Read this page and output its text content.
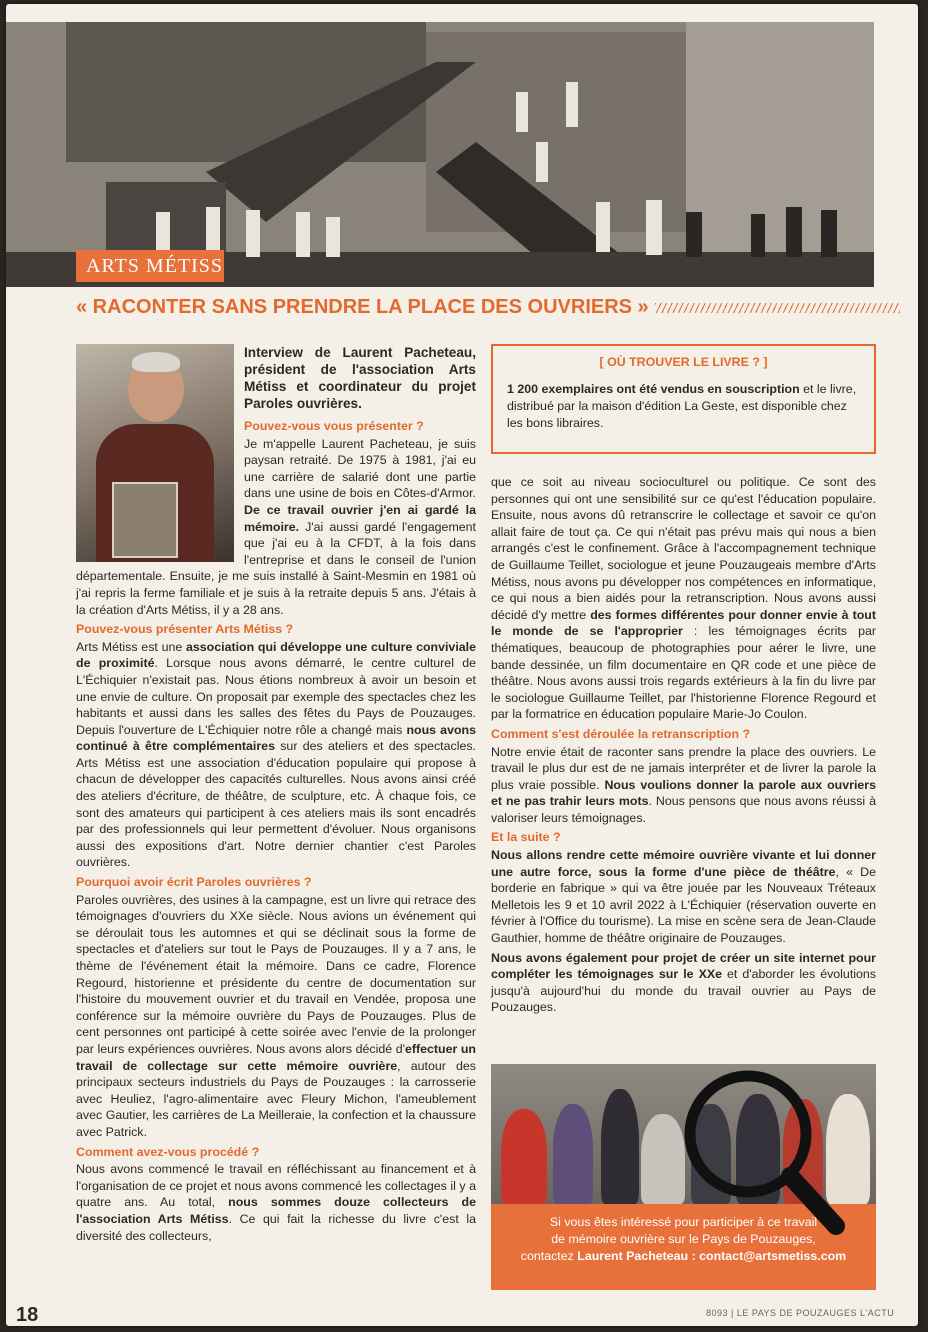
ARTS MÉTISS
« RACONTER SANS PRENDRE LA PLACE DES OUVRIERS »

Interview de Laurent Pacheteau, président de l'association Arts Métiss et coordinateur du projet Paroles ouvrières.

Pouvez-vous vous présenter ?

Je m'appelle Laurent Pacheteau, je suis paysan retraité. De 1975 à 1981, j'ai eu une carrière de salarié dont une partie dans une usine de bois en Côtes-d'Armor. De ce travail ouvrier j'en ai gardé la mémoire. J'ai aussi gardé l'engagement que j'ai eu à la CFDT, à la fois dans l'entreprise et dans le conseil de l'union départementale. Ensuite, je me suis installé à Saint-Mesmin en 1981 où j'ai repris la ferme familiale et je suis à la retraite depuis 5 ans. J'étais à la création d'Arts Métiss, il y a 28 ans.

Pouvez-vous présenter Arts Métiss ?

Arts Métiss est une association qui développe une culture conviviale de proximité. Lorsque nous avons démarré, le centre culturel de L'Échiquier n'existait pas. Nous étions nombreux à avoir un besoin et une envie de culture. On proposait par exemple des spectacles chez les habitants et aussi dans les salles des fêtes du Pays de Pouzauges. Depuis l'ouverture de L'Échiquier notre rôle a changé mais nous avons continué à être complémentaires sur des ateliers et des spectacles. Arts Métiss est une association d'éducation populaire qui propose à chacun de développer des capacités culturelles. Nous avons ainsi créé des ateliers d'écriture, de théâtre, de sculpture, etc. À chaque fois, ce sont des amateurs qui participent à ces ateliers mais ils sont encadrés par des professionnels qui leur permettent d'évoluer. Nous organisons aussi des expositions d'art. Notre dernier chantier c'est Paroles ouvrières.

Pourquoi avoir écrit Paroles ouvrières ?

Paroles ouvrières, des usines à la campagne, est un livre qui retrace des témoignages d'ouvriers du XXe siècle. Nous avions un événement qui se déroulait tous les automnes et qui se déclinait sous la forme de spectacles et d'ateliers sur tout le Pays de Pouzauges. Il y a 7 ans, le thème de l'événement était la mémoire. Dans ce cadre, Florence Regourd, historienne et présidente du centre de documentation sur l'histoire du mouvement ouvrier et du travail en Vendée, proposa une conférence sur la mémoire ouvrière du Pays de Pouzauges. Plus de cent personnes ont participé à cette soirée avec l'envie de la prolonger par leurs expériences ouvrières. Nous avons alors décidé d'effectuer un travail de collectage sur cette mémoire ouvrière, autour des principaux secteurs industriels du Pays de Pouzauges : la carrosserie avec Heuliez, l'agro-alimentaire avec Fleury Michon, l'ameublement avec Gautier, les carrières de La Meilleraie, la confection et la chaussure avec Patrick.

Comment avez-vous procédé ?

Nous avons commencé le travail en réfléchissant au financement et à l'organisation de ce projet et nous avons commencé les collectages il y a quatre ans. Au total, nous sommes douze collecteurs de l'association Arts Métiss. Ce qui fait la richesse du livre c'est la diversité des collecteurs,

[ OÙ TROUVER LE LIVRE ? ]
1 200 exemplaires ont été vendus en souscription et le livre, distribué par la maison d'édition La Geste, est disponible chez les bons libraires.

que ce soit au niveau socioculturel ou politique. Ce sont des personnes qui ont une sensibilité sur ce qu'est l'éducation populaire. Ensuite, nous avons dû retranscrire le collectage et savoir ce qu'on allait faire de tout ça. Ce qui n'était pas prévu mais qui nous a bien arrangés c'est le confinement. Grâce à l'accompagnement technique de Guillaume Teillet, sociologue et jeune Pouzaugeais membre d'Arts Métiss, nous avons pu développer nos compétences en informatique, ce qui nous a bien aidés pour la retranscription. Nous avons aussi décidé d'y mettre des formes différentes pour donner envie à tout le monde de se l'approprier : les témoignages écrits par thématiques, beaucoup de photographies pour aérer le livre, une bande dessinée, un film documentaire en QR code et une pièce de théâtre. Nous avons aussi trois regards extérieurs à la fin du livre par le sociologue Guillaume Teillet, par l'historienne Florence Regourd et par la formatrice en éducation populaire Marie-Jo Coulon.

Comment s'est déroulée la retranscription ?

Notre envie était de raconter sans prendre la place des ouvriers. Le travail le plus dur est de ne jamais interpréter et de livrer la parole la plus vraie possible. Nous voulions donner la parole aux ouvriers et ne pas trahir leurs mots. Nous pensons que nous avons réussi à valoriser leurs témoignages.

Et la suite ?

Nous allons rendre cette mémoire ouvrière vivante et lui donner une autre force, sous la forme d'une pièce de théâtre, « De borderie en fabrique » qui va être jouée par les Nouveaux Tréteaux Melletois les 9 et 10 avril 2022 à L'Échiquier (réservation ouverte en février à l'Office du tourisme). La mise en scène sera de Jean-Claude Gauthier, homme de théâtre originaire de Pouzauges.

Nous avons également pour projet de créer un site internet pour compléter les témoignages sur le XXe et d'aborder les évolutions jusqu'à aujourd'hui du monde du travail ouvrier au Pays de Pouzauges.

Si vous êtes intéressé pour participer à ce travail
de mémoire ouvrière sur le Pays de Pouzauges,
contactez Laurent Pacheteau : contact@artsmetiss.com
18	8093 | LE PAYS DE POUZAUGES L'ACTU
